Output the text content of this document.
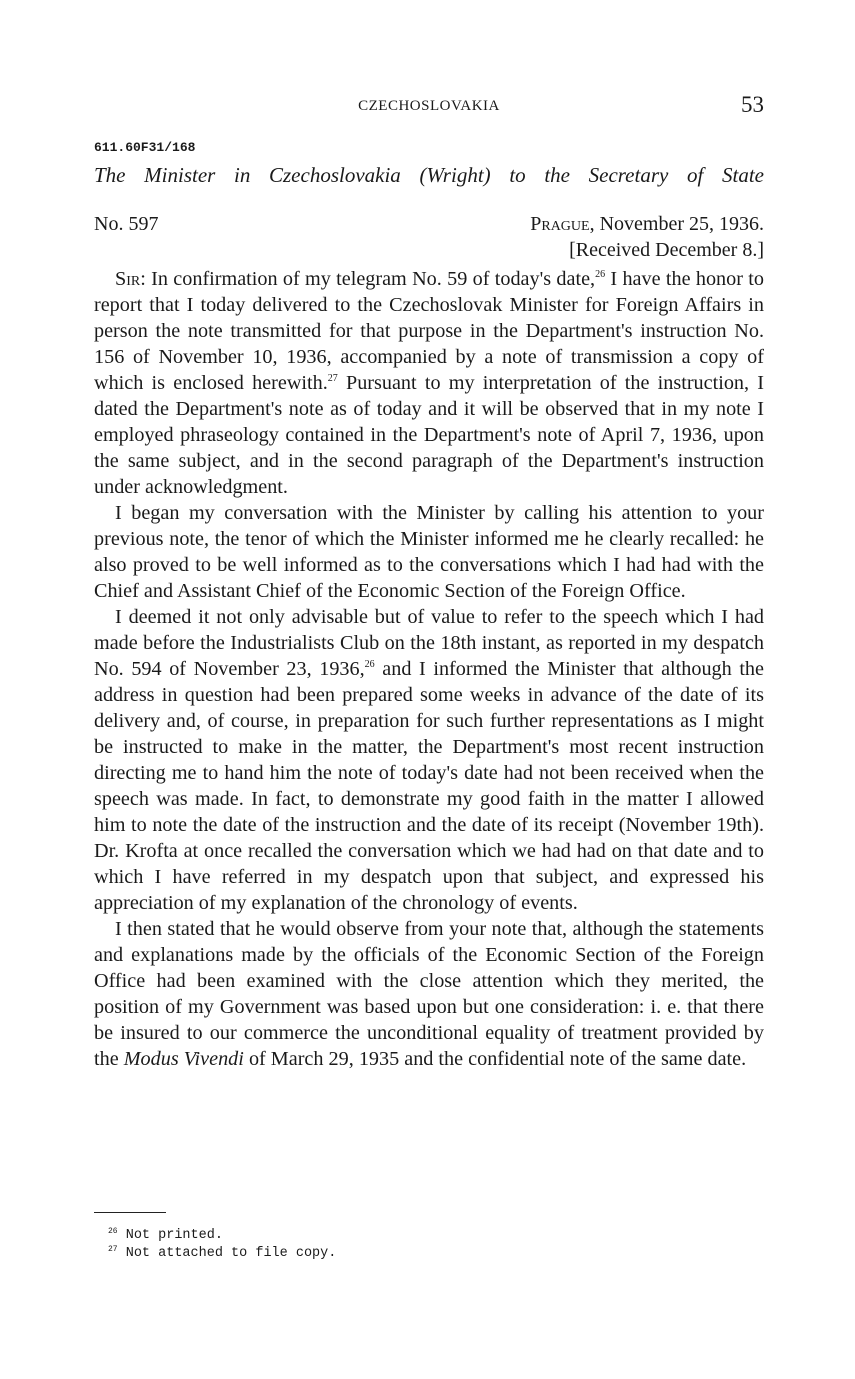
CZECHOSLOVAKIA	53
611.60F31/168
The Minister in Czechoslovakia (Wright) to the Secretary of State
No. 597	Prague, November 25, 1936.
[Received December 8.]

Sir: In confirmation of my telegram No. 59 of today's date,$^{26}$ I have the honor to report that I today delivered to the Czechoslovak Minister for Foreign Affairs in person the note transmitted for that purpose in the Department's instruction No. 156 of November 10, 1936, accompanied by a note of transmission a copy of which is enclosed herewith.$^{27}$ Pursuant to my interpretation of the instruction, I dated the Department's note as of today and it will be observed that in my note I employed phraseology contained in the Department's note of April 7, 1936, upon the same subject, and in the second paragraph of the Department's instruction under acknowledgment.

I began my conversation with the Minister by calling his attention to your previous note, the tenor of which the Minister informed me he clearly recalled: he also proved to be well informed as to the conversations which I had had with the Chief and Assistant Chief of the Economic Section of the Foreign Office.

I deemed it not only advisable but of value to refer to the speech which I had made before the Industrialists Club on the 18th instant, as reported in my despatch No. 594 of November 23, 1936,26 and I informed the Minister that although the address in question had been prepared some weeks in advance of the date of its delivery and, of course, in preparation for such further representations as I might be instructed to make in the matter, the Department's most recent instruction directing me to hand him the note of today's date had not been received when the speech was made. In fact, to demonstrate my good faith in the matter I allowed him to note the date of the instruction and the date of its receipt (November 19th). Dr. Krofta at once recalled the conversation which we had had on that date and to which I have referred in my despatch upon that subject, and expressed his appreciation of my explanation of the chronology of events.

I then stated that he would observe from your note that, although the statements and explanations made by the officials of the Economic Section of the Foreign Office had been examined with the close attention which they merited, the position of my Government was based upon but one consideration: i. e. that there be insured to our commerce the unconditional equality of treatment provided by the Modus Vivendi of March 29, 1935 and the confidential note of the same date.

$^{26}$ Not printed.
$^{27}$ Not attached to file copy.
